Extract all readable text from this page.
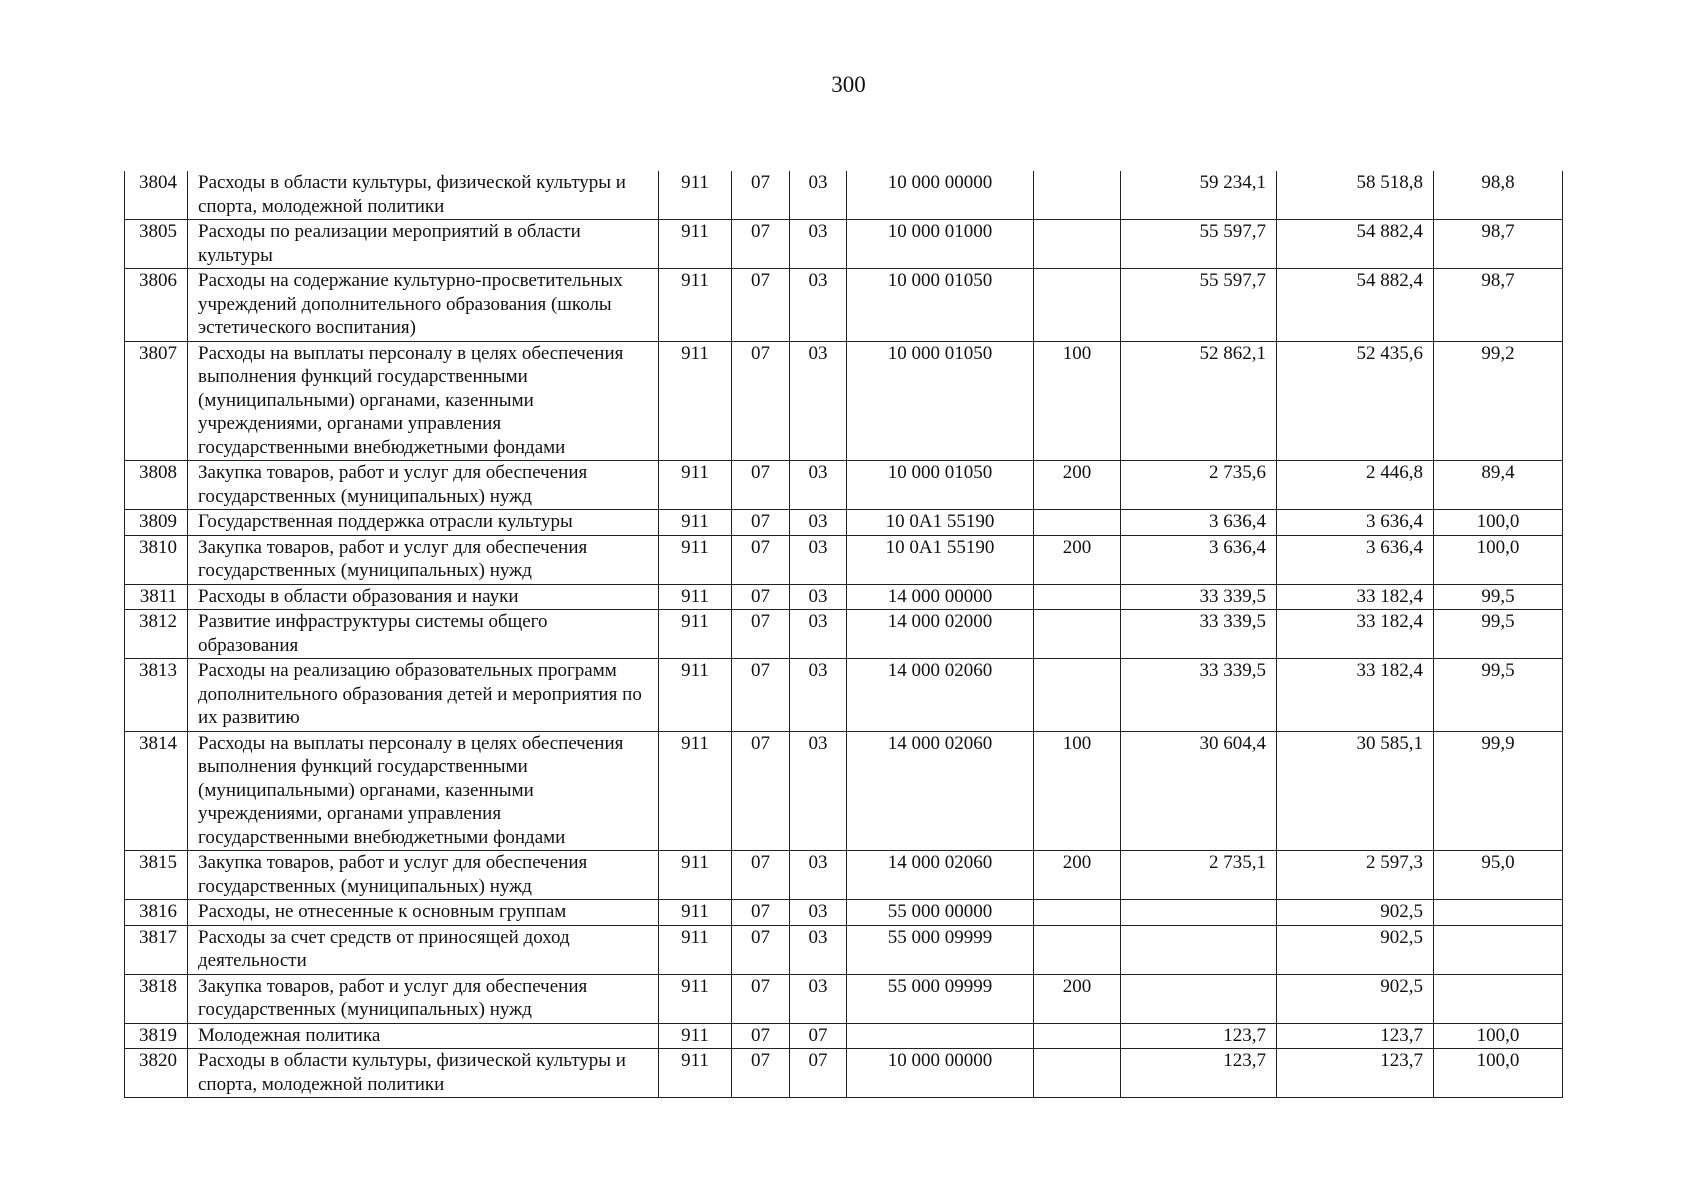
300
3804	Расходы в области культуры, физической культуры и спорта, молодежной политики	911	07	03	10 000 00000		59 234,1	58 518,8	98,8
3805	Расходы по реализации мероприятий в области культуры	911	07	03	10 000 01000		55 597,7	54 882,4	98,7
3806	Расходы на содержание культурно-просветительных учреждений дополнительного образования (школы эстетического воспитания)	911	07	03	10 000 01050		55 597,7	54 882,4	98,7
3807	Расходы на выплаты персоналу в целях обеспечения выполнения функций государственными (муниципальными) органами, казенными учреждениями, органами управления государственными внебюджетными фондами	911	07	03	10 000 01050	100	52 862,1	52 435,6	99,2
3808	Закупка товаров, работ и услуг для обеспечения государственных (муниципальных) нужд	911	07	03	10 000 01050	200	2 735,6	2 446,8	89,4
3809	Государственная поддержка отрасли культуры	911	07	03	10 0А1 55190		3 636,4	3 636,4	100,0
3810	Закупка товаров, работ и услуг для обеспечения государственных (муниципальных) нужд	911	07	03	10 0А1 55190	200	3 636,4	3 636,4	100,0
3811	Расходы в области образования и науки	911	07	03	14 000 00000		33 339,5	33 182,4	99,5
3812	Развитие инфраструктуры системы общего образования	911	07	03	14 000 02000		33 339,5	33 182,4	99,5
3813	Расходы на реализацию образовательных программ дополнительного образования детей и мероприятия по их развитию	911	07	03	14 000 02060		33 339,5	33 182,4	99,5
3814	Расходы на выплаты персоналу в целях обеспечения выполнения функций государственными (муниципальными) органами, казенными учреждениями, органами управления государственными внебюджетными фондами	911	07	03	14 000 02060	100	30 604,4	30 585,1	99,9
3815	Закупка товаров, работ и услуг для обеспечения государственных (муниципальных) нужд	911	07	03	14 000 02060	200	2 735,1	2 597,3	95,0
3816	Расходы, не отнесенные к основным группам	911	07	03	55 000 00000			902,5	
3817	Расходы за счет средств от приносящей доход деятельности	911	07	03	55 000 09999			902,5	
3818	Закупка товаров, работ и услуг для обеспечения государственных (муниципальных) нужд	911	07	03	55 000 09999	200		902,5	
3819	Молодежная политика	911	07	07			123,7	123,7	100,0
3820	Расходы в области культуры, физической культуры и спорта, молодежной политики	911	07	07	10 000 00000		123,7	123,7	100,0
